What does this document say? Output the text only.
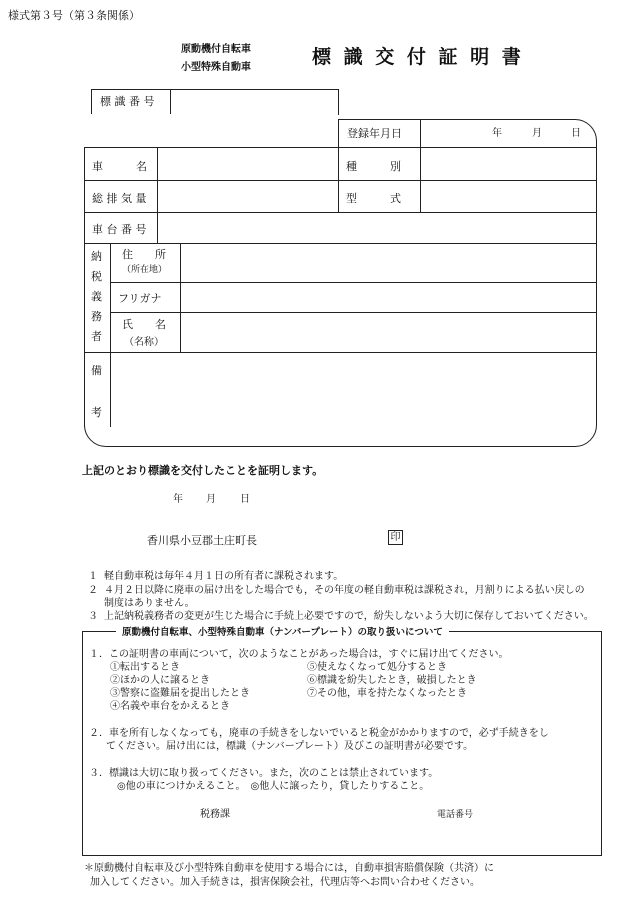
様式第３号（第３条関係）
原動機付自転車
小型特殊自動車	標 識 交 付 証 明 書
標 識 番 号
登録年月日	年	月	日
車　　　名	種　　　別
総 排 気 量	型　　　式
車 台 番 号
納
税
義
務
者
住　　所
（所在地）
フリガナ
氏　　名
（名称）
備
考
上記のとおり標識を交付したことを証明します。
年 月 日
香川県小豆郡土庄町長	印
１ 軽自動車税は毎年４月１日の所有者に課税されます。
２ ４月２日以降に廃車の届け出をした場合でも，その年度の軽自動車税は課税され，月割りによる払い戻しの
制度はありません。
３ 上記納税義務者の変更が生じた場合に手続上必要ですので，紛失しないよう大切に保存しておいてください。
原動機付自転車、小型特殊自動車（ナンバープレート）の取り扱いについて
１．この証明書の車両について，次のようなことがあった場合は，すぐに届け出てください。
①転出するとき
②ほかの人に譲るとき
③警察に盗難届を提出したとき
④名義や車台をかえるとき
⑤使えなくなって処分するとき
⑥標識を紛失したとき，破損したとき
⑦その他，車を持たなくなったとき
２．車を所有しなくなっても，廃車の手続きをしないでいると税金がかかりますので，必ず手続きをし
てください。届け出には，標識（ナンバープレート）及びこの証明書が必要です。
３．標識は大切に取り扱ってください。また，次のことは禁止されています。
◎他の車につけかえること。　◎他人に譲ったり，貸したりすること。
税務課	電話番号
＊原動機付自転車及び小型特殊自動車を使用する場合には，自動車損害賠償保険（共済）に
加入してください。加入手続きは，損害保険会社，代理店等へお問い合わせください。
